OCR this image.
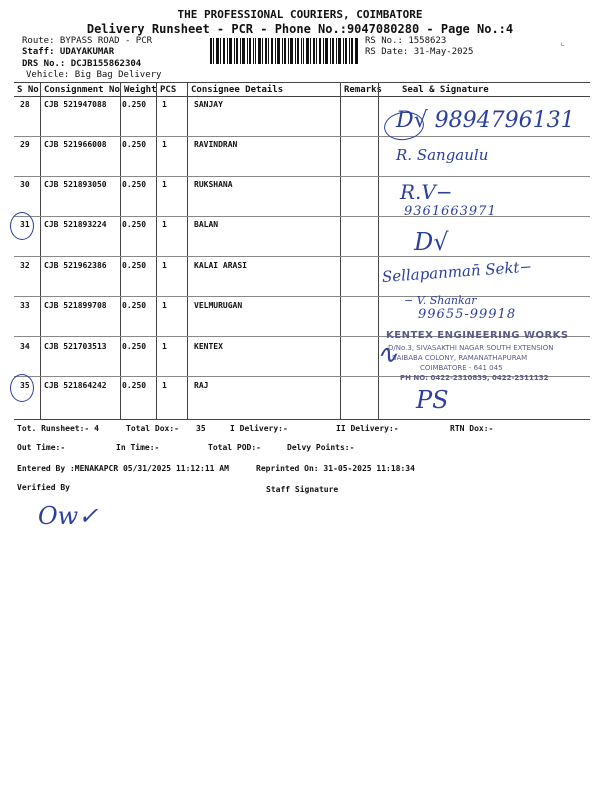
THE PROFESSIONAL COURIERS, COIMBATORE
Delivery Runsheet - PCR - Phone No.:9047080280 - Page No.:4
Route: BYPASS ROAD - PCR
Staff: UDAYAKUMAR
DRS No.: DCJB155862304
Vehicle: Big Bag Delivery
RS No.: 1558623
RS Date: 31-May-2025
⌞
S No Consignment No Weight PCS Consignee Details	Remarks Seal & Signature
28 CJB 521947088 0.250 1	SANJAY
29 CJB 521966008 0.250 1	RAVINDRAN
30 CJB 521893050 0.250 1	RUKSHANA
31 CJB 521893224 0.250 1	BALAN
32 CJB 521962386 0.250 1	KALAI ARASI
33 CJB 521899708 0.250 1	VELMURUGAN
34 CJB 521703513 0.250 1	KENTEX
35 CJB 521864242 0.250 1	RAJ
D√ 9894796131
R. Sangaulu
R.V−
9361663971
D√
Sellapanman̄ Sekt−
− V. Shankar
99655-99918
KENTEX ENGINEERING WORKS
D/No.3, SIVASAKTHI NAGAR SOUTH EXTENSION
SAIBABA COLONY, RAMANATHAPURAM
COIMBATORE - 641 045
PH NO: 0422-2310839, 0422-2311132
∿
PS
Tot. Runsheet:- 4	Total Dox:- 35	I Delivery:-	II Delivery:-	RTN Dox:-
Out Time:-	In Time:-	Total POD:-	Delvy Points:-
Entered By :MENAKAPCR 05/31/2025 11:12:11 AM	Reprinted On: 31-05-2025 11:18:34
Verified By	Staff Signature
Ow✓
